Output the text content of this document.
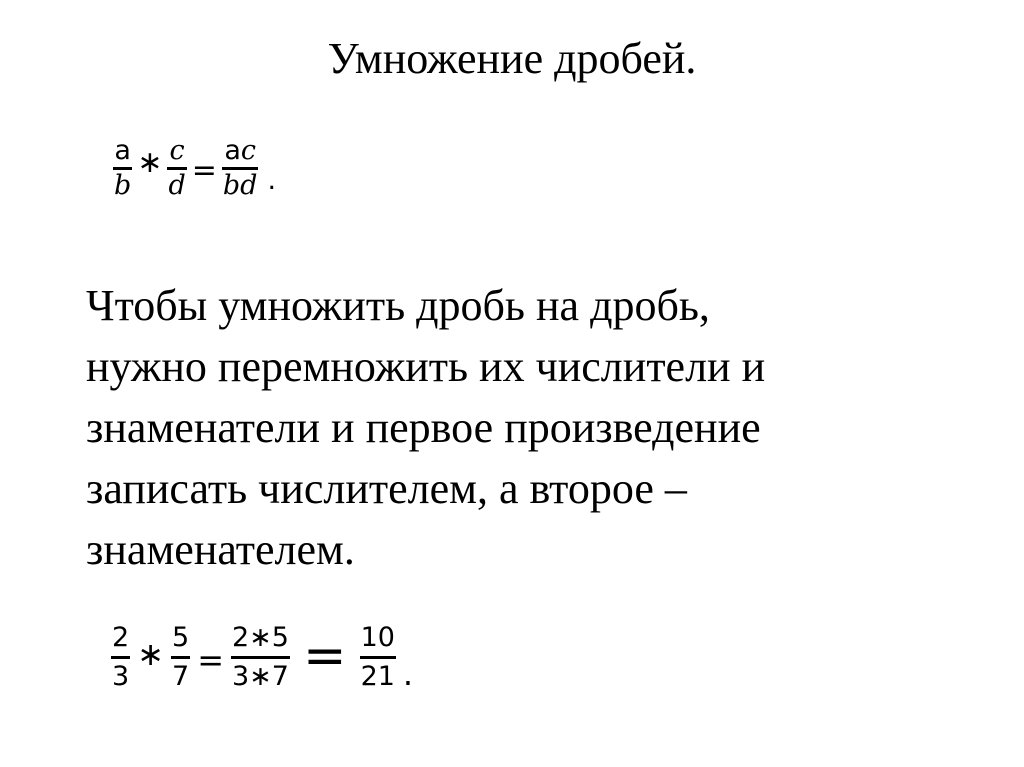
Умножение дробей.
$\frac{a}{b}$ ∗ $\frac{c}{d} = \frac{ac}{bd}$ .

Чтобы умножить дробь на дробь,
нужно перемножить их числители и
знаменатели и первое произведение
записать числителем, а второе –
знаменателем.

$\frac{2}{3}$ ∗ $\frac{5}{7} = \frac{2∗5}{3∗7} = \frac{10}{21}$ .
